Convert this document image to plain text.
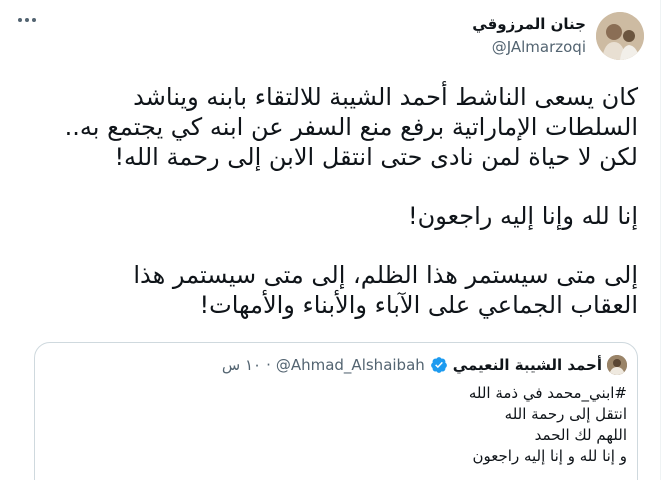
جنان المرزوقي
@JAlmarzoqi
كان يسعى الناشط أحمد الشيبة للالتقاء بابنه ويناشد
السلطات الإماراتية برفع منع السفر عن ابنه كي يجتمع به..
لكن لا حياة لمن نادى حتى انتقل الابن إلى رحمة الله!
إنا لله وإنا إليه راجعون!
إلى متى سيستمر هذا الظلم، إلى متى سيستمر هذا
العقاب الجماعي على الآباء والأبناء والأمهات!
أحمد الشيبة النعيمي
@Ahmad_Alshaibah
·
١٠ س
#ابني_محمد في ذمة الله
انتقل إلى رحمة الله
اللهم لك الحمد
و إنا لله و إنا إليه راجعون
